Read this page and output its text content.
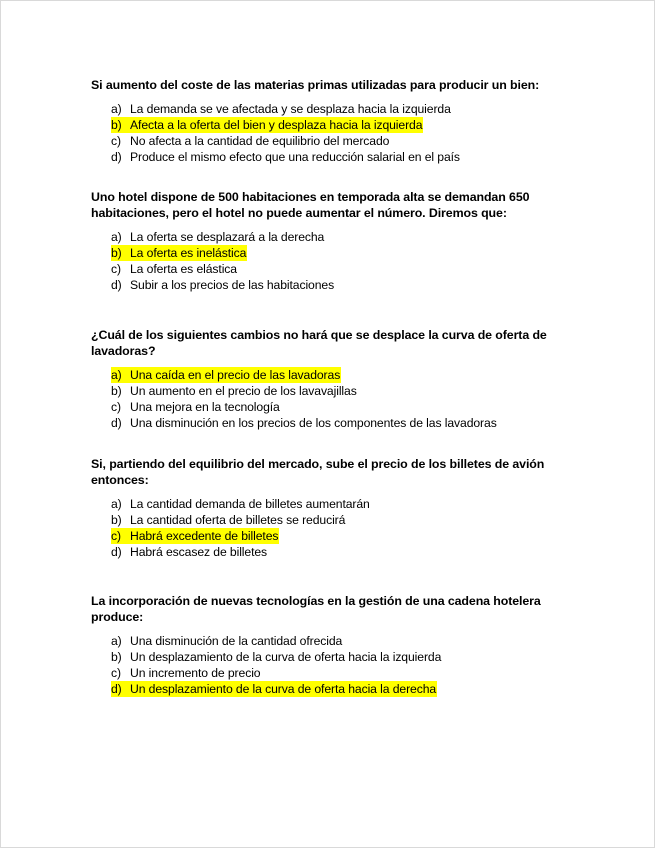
Si aumento del coste de las materias primas utilizadas para producir un bien:

a) La demanda se ve afectada y se desplaza hacia la izquierda
b) Afecta a la oferta del bien y desplaza hacia la izquierda
c) No afecta a la cantidad de equilibrio del mercado
d) Produce el mismo efecto que una reducción salarial en el país

Uno hotel dispone de 500 habitaciones en temporada alta se demandan 650 habitaciones, pero el hotel no puede aumentar el número. Diremos que:

a) La oferta se desplazará a la derecha
b) La oferta es inelástica
c) La oferta es elástica
d) Subir a los precios de las habitaciones

¿Cuál de los siguientes cambios no hará que se desplace la curva de oferta de lavadoras?

a) Una caída en el precio de las lavadoras
b) Un aumento en el precio de los lavavajillas
c) Una mejora en la tecnología
d) Una disminución en los precios de los componentes de las lavadoras

Si, partiendo del equilibrio del mercado, sube el precio de los billetes de avión entonces:

a) La cantidad demanda de billetes aumentarán
b) La cantidad oferta de billetes se reducirá
c) Habrá excedente de billetes
d) Habrá escasez de billetes

La incorporación de nuevas tecnologías en la gestión de una cadena hotelera produce:

a) Una disminución de la cantidad ofrecida
b) Un desplazamiento de la curva de oferta hacia la izquierda
c) Un incremento de precio
d) Un desplazamiento de la curva de oferta hacia la derecha
